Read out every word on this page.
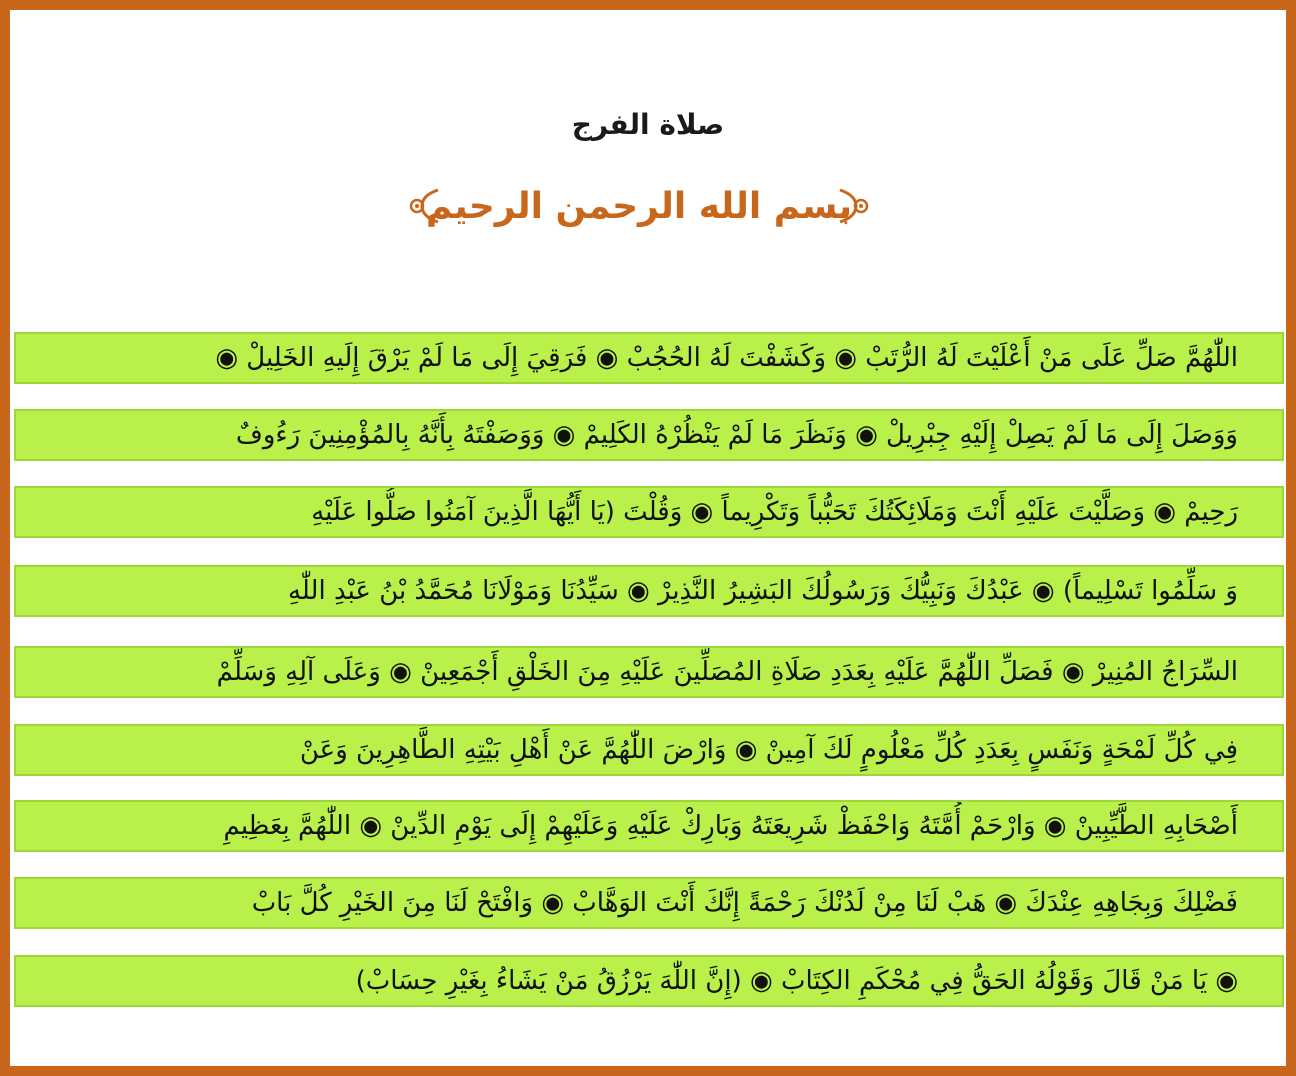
صلاة الفرج
بسم الله الرحمن الرحيم
اللّٰهُمَّ صَلِّ عَلَى مَنْ أَعْلَيْتَ لَهُ الرُّتَبْ ◉ وَكَشَفْتَ لَهُ الحُجُبْ ◉ فَرَقِيَ إِلَى مَا لَمْ يَرْقَ إِلَيهِ الخَلِيلْ ◉
وَوَصَلَ إِلَى مَا لَمْ يَصِلْ إِلَيْهِ جِبْرِيلْ ◉ وَنَظَرَ مَا لَمْ يَنْظُرْهُ الكَلِيمْ ◉ وَوَصَفْتَهُ بِأَنَّهُ بِالمُؤْمِنِينَ رَءُوفٌ
رَحِيمْ ◉ وَصَلَّيْتَ عَلَيْهِ أَنْتَ وَمَلَائِكَتُكَ تَحَبُّباً وَتَكْرِيماً ◉ وَقُلْتَ (يَا أَيُّهَا الَّذِينَ آمَنُوا صَلُّوا عَلَيْهِ
وَ سَلِّمُوا تَسْلِيماً) ◉ عَبْدُكَ وَنَبِيُّكَ وَرَسُولُكَ البَشِيرُ النَّذِيرْ ◉ سَيِّدُنَا وَمَوْلَانَا مُحَمَّدُ بْنُ عَبْدِ اللّٰهِ
السِّرَاجُ المُنِيرْ ◉ فَصَلِّ اللّٰهُمَّ عَلَيْهِ بِعَدَدِ صَلَاةِ المُصَلِّينَ عَلَيْهِ مِنَ الخَلْقِ أَجْمَعِينْ ◉ وَعَلَى آلِهِ وَسَلِّمْ
فِي كُلِّ لَمْحَةٍ وَنَفَسٍ بِعَدَدِ كُلِّ مَعْلُومٍ لَكَ آمِينْ ◉ وَارْضَ اللّٰهُمَّ عَنْ أَهْلِ بَيْتِهِ الطَّاهِرِينَ وَعَنْ
أَصْحَابِهِ الطَّيِّبِينْ ◉ وَارْحَمْ أُمَّتَهُ وَاحْفَظْ شَرِيعَتَهُ وَبَارِكْ عَلَيْهِ وَعَلَيْهِمْ إِلَى يَوْمِ الدِّينْ ◉ اللّٰهُمَّ بِعَظِيمِ
فَضْلِكَ وَبِجَاهِهِ عِنْدَكَ ◉ هَبْ لَنَا مِنْ لَدُنْكَ رَحْمَةً إِنَّكَ أَنْتَ الوَهَّابْ ◉ وَافْتَحْ لَنَا مِنَ الخَيْرِ كُلَّ بَابْ
◉ يَا مَنْ قَالَ وَقَوْلُهُ الحَقُّ فِي مُحْكَمِ الكِتَابْ ◉ (إِنَّ اللّٰهَ يَرْزُقُ مَنْ يَشَاءُ بِغَيْرِ حِسَابْ)
